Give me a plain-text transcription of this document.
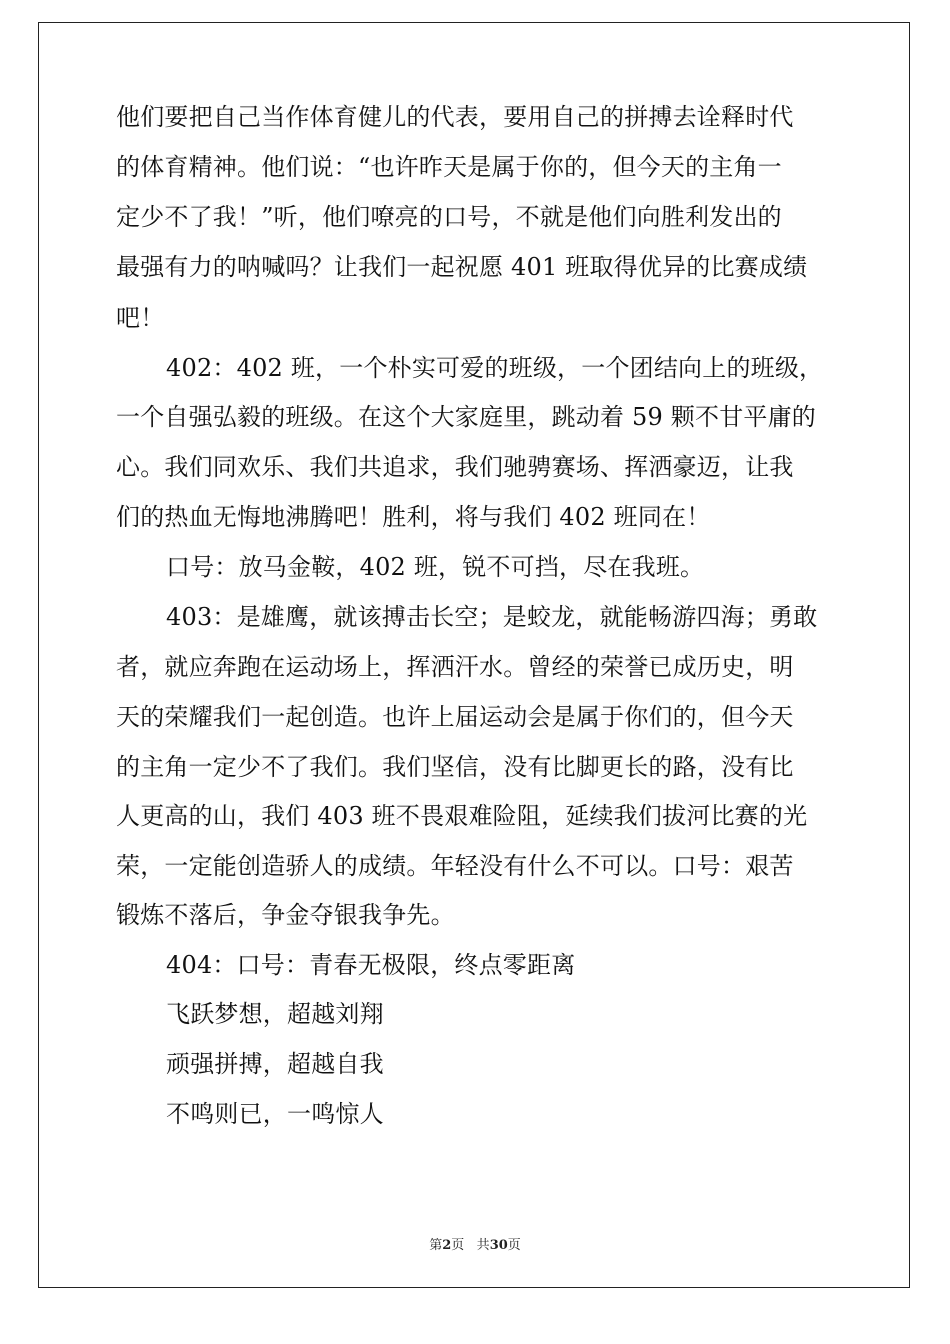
他们要把自己当作体育健儿的代表，要用自己的拼搏去诠释时代
的体育精神。他们说：“也许昨天是属于你的，但今天的主角一
定少不了我！”听，他们嘹亮的口号，不就是他们向胜利发出的
最强有力的呐喊吗？让我们一起祝愿 401 班取得优异的比赛成绩
吧！
402：402 班，一个朴实可爱的班级，一个团结向上的班级，
一个自强弘毅的班级。在这个大家庭里，跳动着 59 颗不甘平庸的
心。我们同欢乐、我们共追求，我们驰骋赛场、挥洒豪迈，让我
们的热血无悔地沸腾吧！胜利，将与我们 402 班同在！
口号：放马金鞍，402 班，锐不可挡，尽在我班。
403：是雄鹰，就该搏击长空；是蛟龙，就能畅游四海；勇敢
者，就应奔跑在运动场上，挥洒汗水。曾经的荣誉已成历史，明
天的荣耀我们一起创造。也许上届运动会是属于你们的，但今天
的主角一定少不了我们。我们坚信，没有比脚更长的路，没有比
人更高的山，我们 403 班不畏艰难险阻，延续我们拔河比赛的光
荣，一定能创造骄人的成绩。年轻没有什么不可以。口号：艰苦
锻炼不落后，争金夺银我争先。
404：口号：青春无极限，终点零距离
飞跃梦想，超越刘翔
顽强拼搏，超越自我
不鸣则已，一鸣惊人
第2页 共30页
